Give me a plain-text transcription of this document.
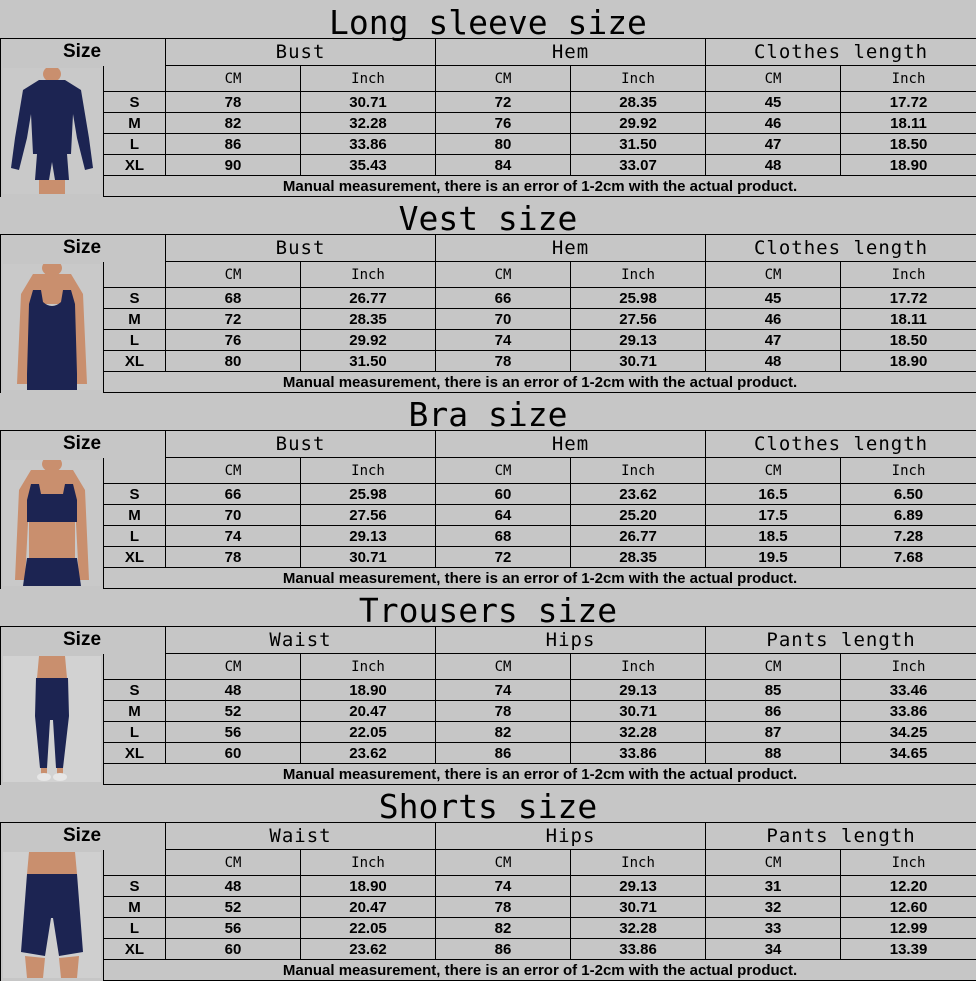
Long sleeve size
Size		Bust		Hem		Clothes length	

		CM	Inch	CM	Inch	CM	Inch
	S	78	30.71	72	28.35	45	17.72
	M	82	32.28	76	29.92	46	18.11
	L	86	33.86	80	31.50	47	18.50
	XL	90	35.43	84	33.07	48	18.90
	Manual measurement, there is an error of 1-2cm with the actual product.						
Vest size
Size		Bust		Hem		Clothes length	

		CM	Inch	CM	Inch	CM	Inch
	S	68	26.77	66	25.98	45	17.72
	M	72	28.35	70	27.56	46	18.11
	L	76	29.92	74	29.13	47	18.50
	XL	80	31.50	78	30.71	48	18.90
	Manual measurement, there is an error of 1-2cm with the actual product.						
Bra size
Size		Bust		Hem		Clothes length	

		CM	Inch	CM	Inch	CM	Inch
	S	66	25.98	60	23.62	16.5	6.50
	M	70	27.56	64	25.20	17.5	6.89
	L	74	29.13	68	26.77	18.5	7.28
	XL	78	30.71	72	28.35	19.5	7.68
	Manual measurement, there is an error of 1-2cm with the actual product.						
Trousers size
Size		Waist		Hips		Pants length	

		CM	Inch	CM	Inch	CM	Inch
	S	48	18.90	74	29.13	85	33.46
	M	52	20.47	78	30.71	86	33.86
	L	56	22.05	82	32.28	87	34.25
	XL	60	23.62	86	33.86	88	34.65
	Manual measurement, there is an error of 1-2cm with the actual product.						
Shorts size
Size		Waist		Hips		Pants length	

		CM	Inch	CM	Inch	CM	Inch
	S	48	18.90	74	29.13	31	12.20
	M	52	20.47	78	30.71	32	12.60
	L	56	22.05	82	32.28	33	12.99
	XL	60	23.62	86	33.86	34	13.39
	Manual measurement, there is an error of 1-2cm with the actual product.						
